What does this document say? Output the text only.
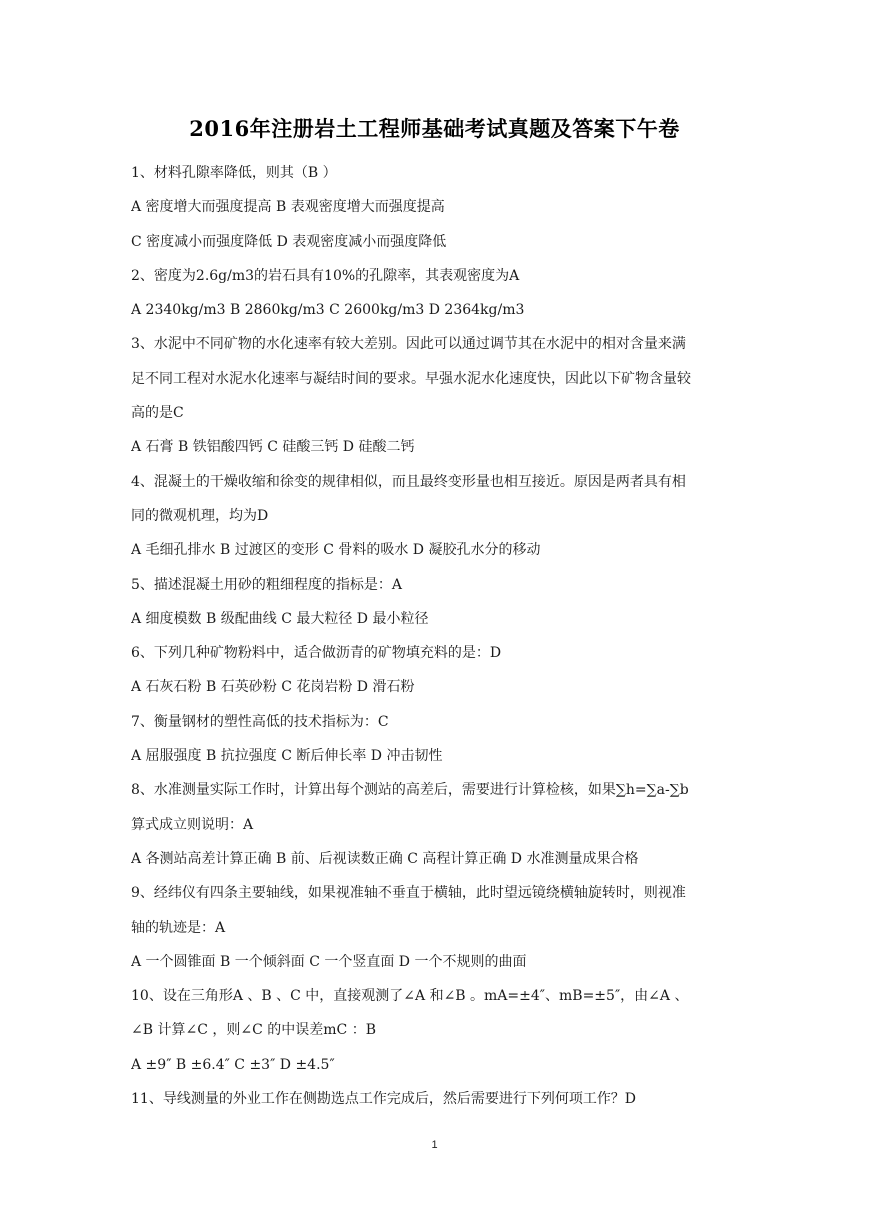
2016年注册岩土工程师基础考试真题及答案下午卷
1、材料孔隙率降低，则其（B ）
A 密度增大而强度提高 B 表观密度增大而强度提高
C 密度减小而强度降低 D 表观密度减小而强度降低
2、密度为2.6g/m3的岩石具有10%的孔隙率，其表观密度为A
A 2340kg/m3 B 2860kg/m3 C 2600kg/m3 D 2364kg/m3
3、水泥中不同矿物的水化速率有较大差别。因此可以通过调节其在水泥中的相对含量来满
足不同工程对水泥水化速率与凝结时间的要求。早强水泥水化速度快，因此以下矿物含量较
高的是C
A 石膏 B 铁铝酸四钙 C 硅酸三钙 D 硅酸二钙
4、混凝土的干燥收缩和徐变的规律相似，而且最终变形量也相互接近。原因是两者具有相
同的微观机理，均为D
A 毛细孔排水 B 过渡区的变形 C 骨料的吸水 D 凝胶孔水分的移动
5、描述混凝土用砂的粗细程度的指标是：A
A 细度模数 B 级配曲线 C 最大粒径 D 最小粒径
6、下列几种矿物粉料中，适合做沥青的矿物填充料的是：D
A 石灰石粉 B 石英砂粉 C 花岗岩粉 D 滑石粉
7、衡量钢材的塑性高低的技术指标为：C
A 屈服强度 B 抗拉强度 C 断后伸长率 D 冲击韧性
8、水准测量实际工作时，计算出每个测站的高差后，需要进行计算检核，如果∑h=∑a-∑b
算式成立则说明：A
A 各测站高差计算正确 B 前、后视读数正确 C 高程计算正确 D 水准测量成果合格
9、经纬仪有四条主要轴线，如果视准轴不垂直于横轴，此时望远镜绕横轴旋转时，则视准
轴的轨迹是：A
A 一个圆锥面 B 一个倾斜面 C 一个竖直面 D 一个不规则的曲面
10、设在三角形A 、B 、C 中，直接观测了∠A 和∠B 。mA=±4″、mB=±5″，由∠A 、
∠B 计算∠C ，则∠C 的中误差mC ：B
A ±9″ B ±6.4″ C ±3″ D ±4.5″
11、导线测量的外业工作在侧勘选点工作完成后，然后需要进行下列何项工作？D
1
